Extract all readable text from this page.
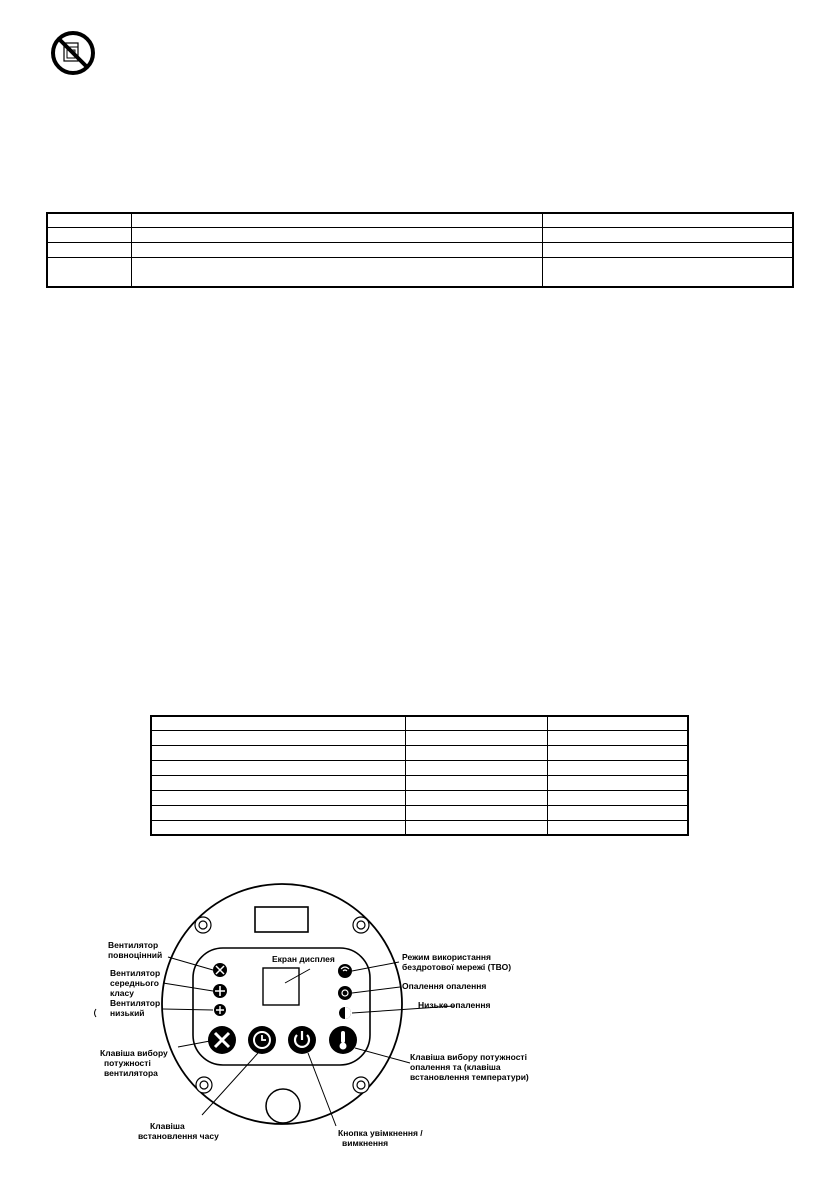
Вентилятор
повноцінний
Вентилятор
середнього
класу
Вентилятор
низький
Клавіша вибору
потужності
вентилятора
Екран дисплея	Режим використання
бездротової мережі (ТВО)
Опалення опалення
Низьке опалення
Клавіша вибору потужності
опалення та (клавіша
встановлення температури)
Клавіша
встановлення часу	Кнопка увімкнення /
вимкнення
